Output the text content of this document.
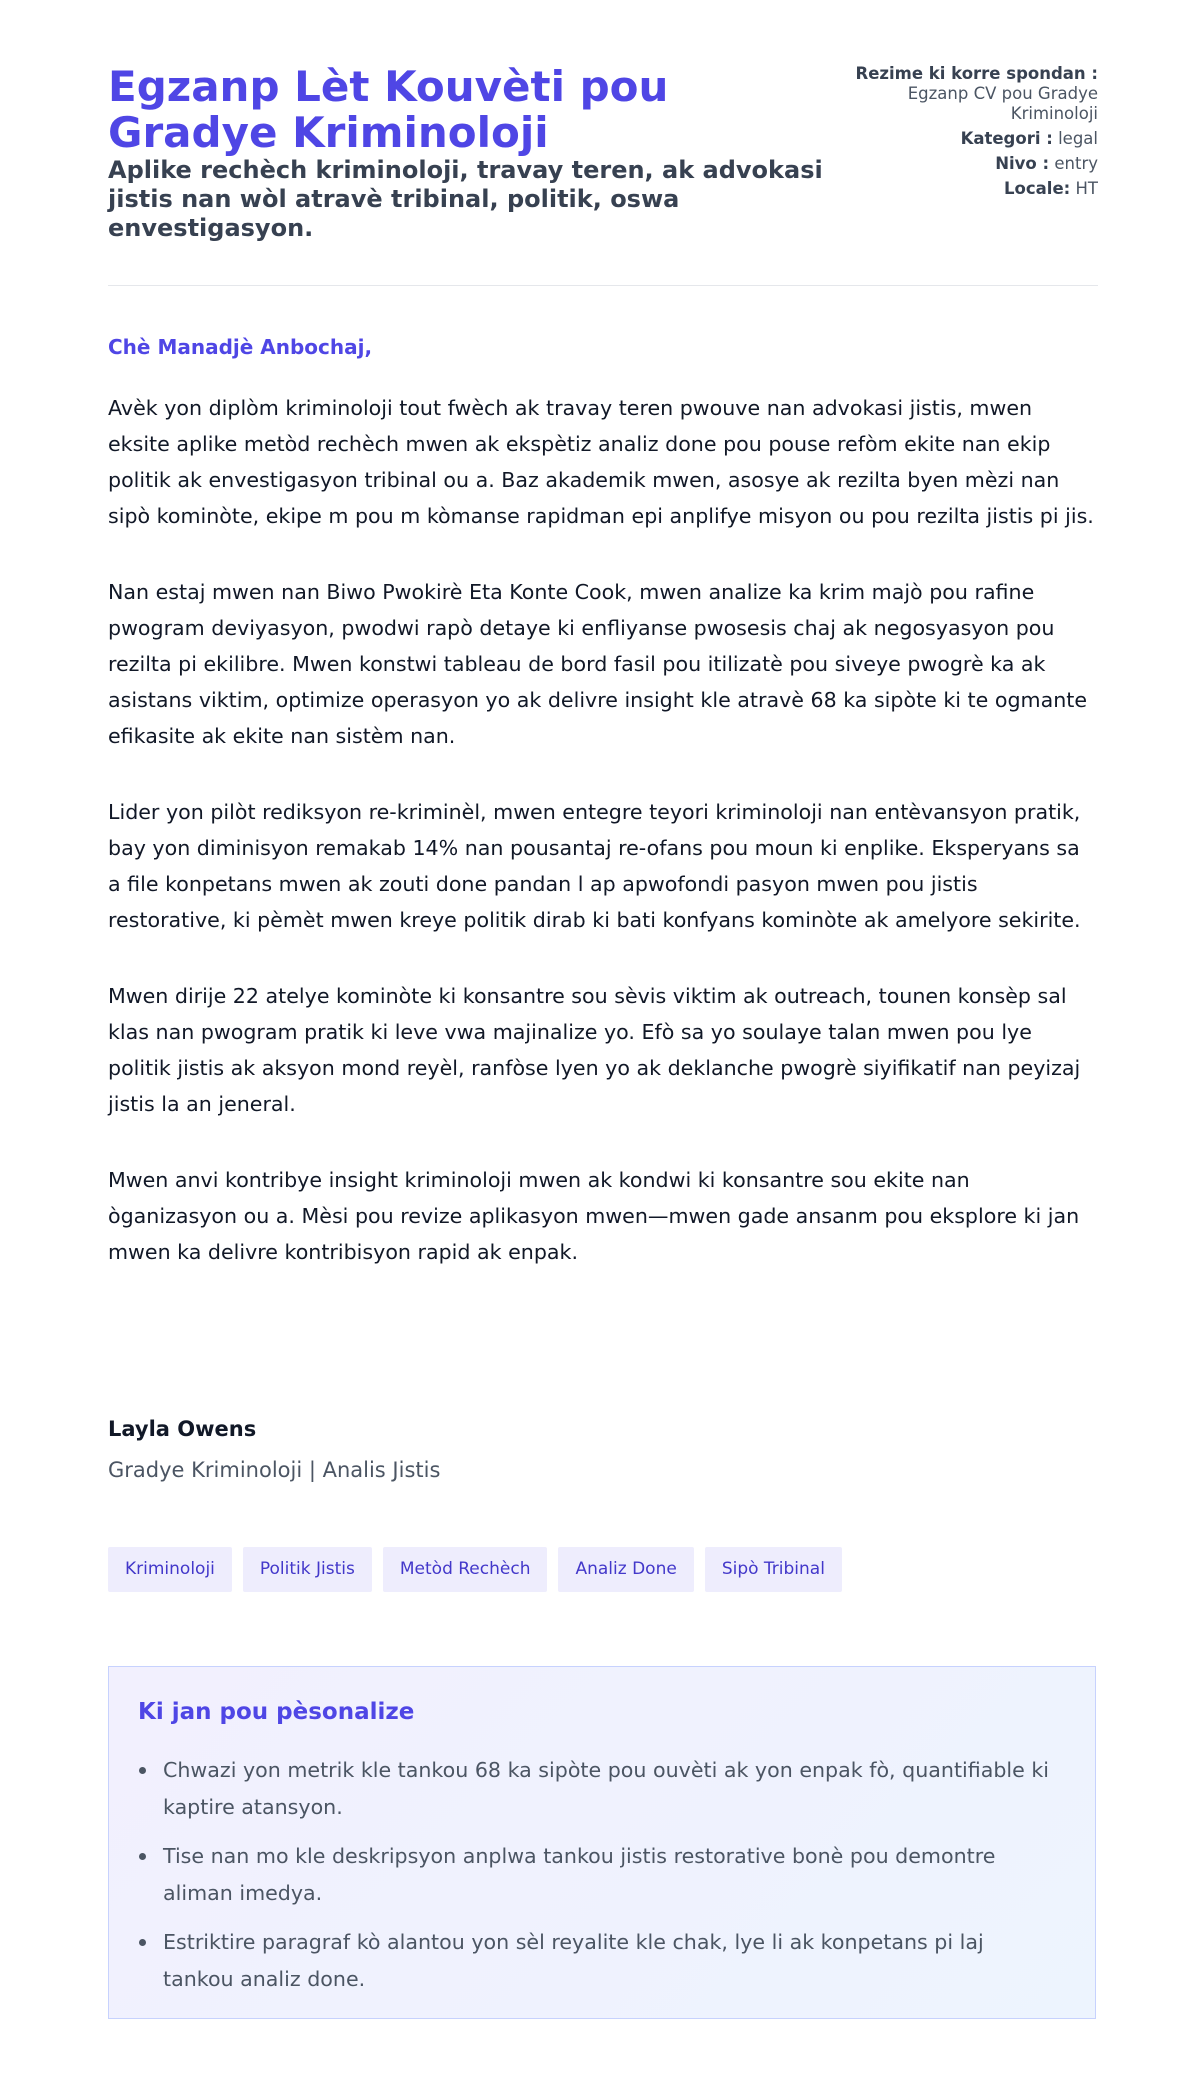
Egzanp Lèt Kouvèti pou Gradye Kriminoloji
Aplike rechèch kriminoloji, travay teren, ak advokasi jistis nan wòl atravè tribinal, politik, oswa envestigasyon.
Rezime ki korre spondan : Egzanp CV pou Gradye Kriminoloji
Kategori : legal
Nivo : entry
Locale: HT

Chè Manadjè Anbochaj,

Avèk yon diplòm kriminoloji tout fwèch ak travay teren pwouve nan advokasi jistis, mwen eksite aplike metòd rechèch mwen ak ekspètiz analiz done pou pouse refòm ekite nan ekip politik ak envestigasyon tribinal ou a. Baz akademik mwen, asosye ak rezilta byen mèzi nan sipò kominòte, ekipe m pou m kòmanse rapidman epi anplifye misyon ou pou rezilta jistis pi jis.

Nan estaj mwen nan Biwo Pwokirè Eta Konte Cook, mwen analize ka krim majò pou rafine pwogram deviyasyon, pwodwi rapò detaye ki enfliyanse pwosesis chaj ak negosyasyon pou rezilta pi ekilibre. Mwen konstwi tableau de bord fasil pou itilizatè pou siveye pwogrè ka ak asistans viktim, optimize operasyon yo ak delivre insight kle atravè 68 ka sipòte ki te ogmante efikasite ak ekite nan sistèm nan.

Lider yon pilòt rediksyon re-kriminèl, mwen entegre teyori kriminoloji nan entèvansyon pratik, bay yon diminisyon remakab 14% nan pousantaj re-ofans pou moun ki enplike. Eksperyans sa a file konpetans mwen ak zouti done pandan l ap apwofondi pasyon mwen pou jistis restorative, ki pèmèt mwen kreye politik dirab ki bati konfyans kominòte ak amelyore sekirite.

Mwen dirije 22 atelye kominòte ki konsantre sou sèvis viktim ak outreach, tounen konsèp sal klas nan pwogram pratik ki leve vwa majinalize yo. Efò sa yo soulaye talan mwen pou lye politik jistis ak aksyon mond reyèl, ranfòse lyen yo ak deklanche pwogrè siyifikatif nan peyizaj jistis la an jeneral.

Mwen anvi kontribye insight kriminoloji mwen ak kondwi ki konsantre sou ekite nan òganizasyon ou a. Mèsi pou revize aplikasyon mwen—mwen gade ansanm pou eksplore ki jan mwen ka delivre kontribisyon rapid ak enpak.

Layla Owens

Gradye Kriminoloji | Analis Jistis

Kriminoloji	Politik Jistis	Metòd Rechèch	Analiz Done	Sipò Tribinal
Ki jan pou pèsonalize
Chwazi yon metrik kle tankou 68 ka sipòte pou ouvèti ak yon enpak fò, quantifiable ki kaptire atansyon.
Tise nan mo kle deskripsyon anplwa tankou jistis restorative bonè pou demontre aliman imedya.
Estriktire paragraf kò alantou yon sèl reyalite kle chak, lye li ak konpetans pi laj tankou analiz done.
